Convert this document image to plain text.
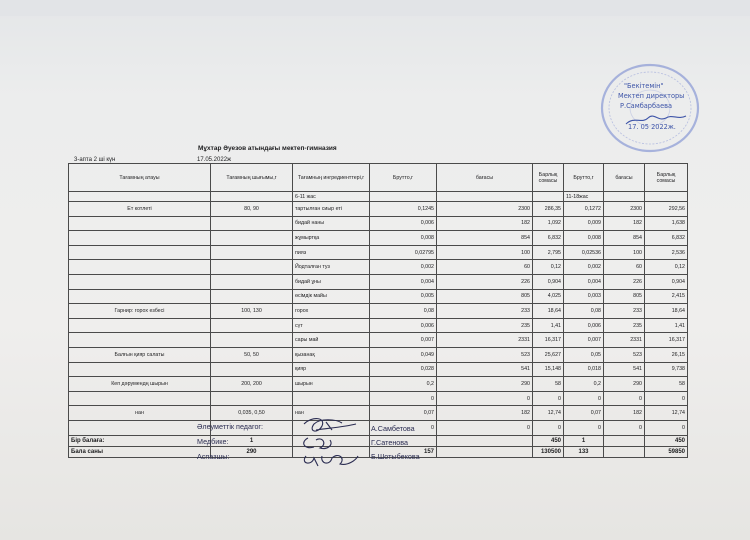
Мұхтар Әуезов атындағы мектеп-гимназия
3-апта 2 ші күн	17.05.2022ж
Тағамның атауы	Тағамның шығымы,г	Тағамның ингредиенттері,г	Брутто,г	бағасы	Барлық сомасы	Брутто,г	бағасы	Барлық сомасы
		6-11 жас				11-18жас		
Ет котлеті	80, 90	тартылған сиыр еті	0,1245	2300	286,35	0,1272	2300	292,56
		бидай наны	0,006	182	1,092	0,009	182	1,638
		жұмыртқа	0,008	854	6,832	0,008	854	6,832
		пияз	0,02795	100	2,795	0,02536	100	2,536
		Йодталған туз	0,002	60	0,12	0,002	60	0,12
		бидай ұны	0,004	226	0,904	0,004	226	0,904
		өсімдік майы	0,005	805	4,025	0,003	805	2,415
Гарнир: горох езбесі	100, 130	горох	0,08	233	18,64	0,08	233	18,64
		сүт	0,006	235	1,41	0,006	235	1,41
		сары май	0,007	2331	16,317	0,007	2331	16,317
Балғын қияр салаты	50, 50	қызанақ	0,049	523	25,627	0,05	523	26,15
		қияр	0,028	541	15,148	0,018	541	9,738
Кеп дәрумендң шырын	200, 200	шырын	0,2	290	58	0,2	290	58
			0	0	0	0	0	0
нан	0,035, 0,50	нан	0,07	182	12,74	0,07	182	12,74
			0	0	0	0	0	0
Бір балаға:	1				450	1		450
Бала саны	290		157		130500	133		59850
Әлеуметтік педагог:
Медбике:
Аспазшы:
А.Самбетова
Г.Сатенова
Б.Шотыбекова
"Бекітемін"
Мектеп директоры
Р.Самбарбаева
17. 05 2022ж.
